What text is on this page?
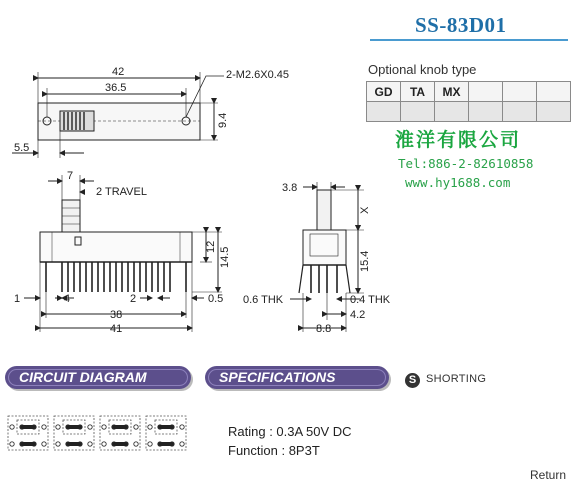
SS-83D01
Optional knob type
GD	TA	MX			

淮洋有限公司
Tel:886-2-82610858
www.hy1688.com
42
36.5
2-M2.6X0.45
9.4
5.5
7
2 TRAVEL
12 14.5
1	4	2	0.5
38
41
3.8
X
15.4
0.6 THK	0.4 THK
4.2
8.8
CIRCUIT DIAGRAM	SPECIFICATIONS	S SHORTING
Rating : 0.3A 50V DC
Function : 8P3T
Return
